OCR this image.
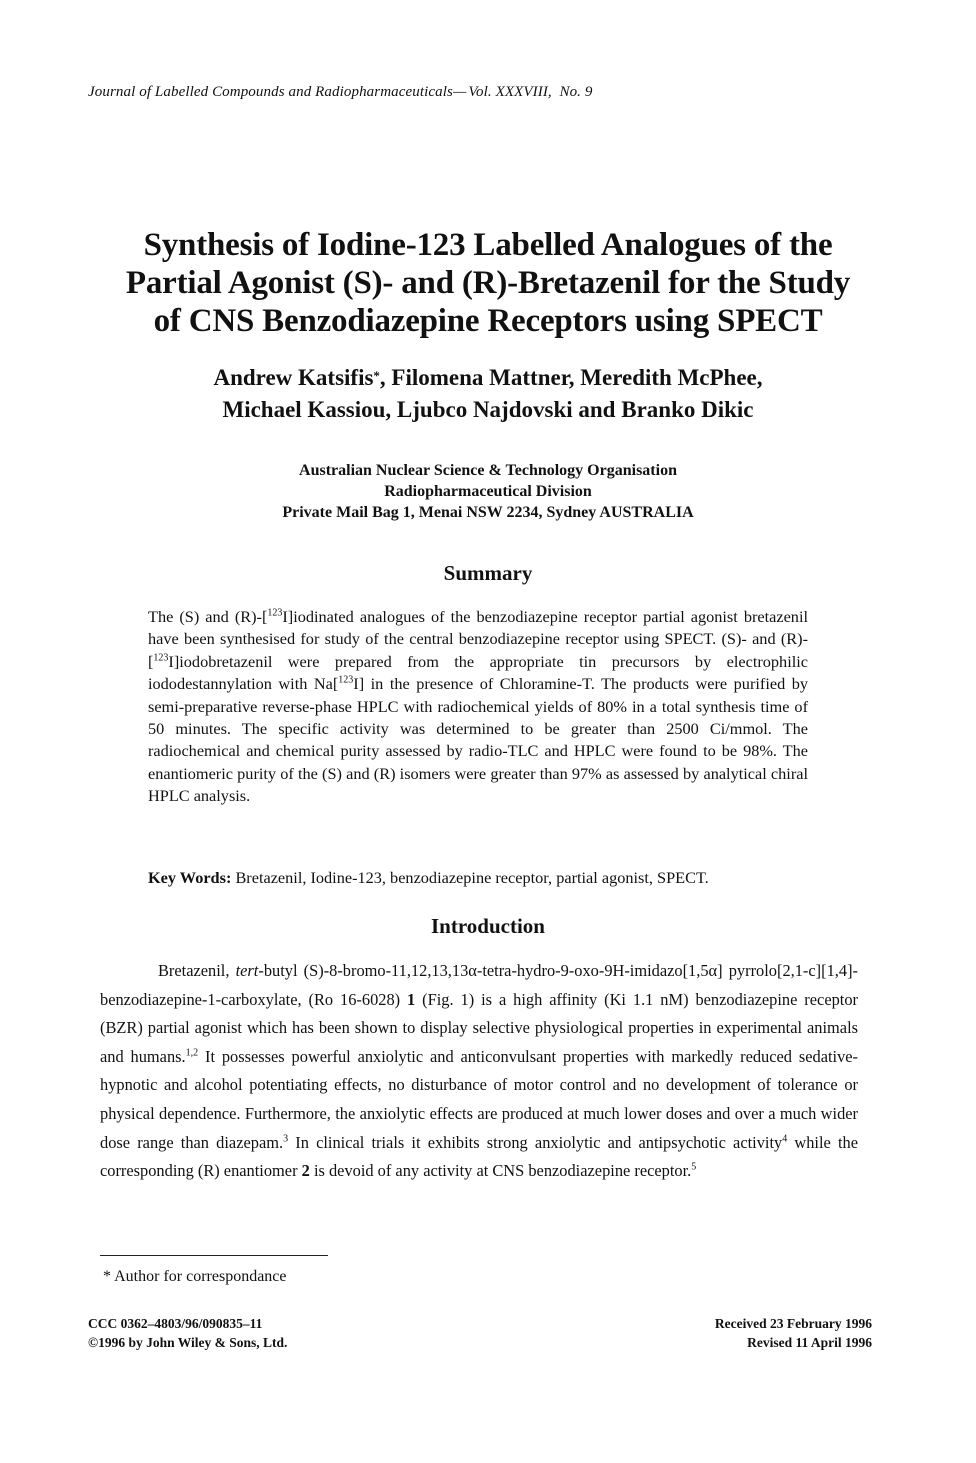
Journal of Labelled Compounds and Radiopharmaceuticals— Vol. XXXVIII, No. 9
Synthesis of Iodine-123 Labelled Analogues of the
Partial Agonist (S)- and (R)-Bretazenil for the Study
of CNS Benzodiazepine Receptors using SPECT
Andrew Katsifis*, Filomena Mattner, Meredith McPhee,
Michael Kassiou, Ljubco Najdovski and Branko Dikic
Australian Nuclear Science & Technology Organisation
Radiopharmaceutical Division
Private Mail Bag 1, Menai NSW 2234, Sydney AUSTRALIA
Summary
The (S) and (R)-[$^{123}$I]iodinated analogues of the benzodiazepine receptor partial agonist bretazenil have been synthesised for study of the central benzodiazepine receptor using SPECT. (S)- and (R)-[$^{123}$I]iodobretazenil were prepared from the appropriate tin precursors by electrophilic iododestannylation with Na[$^{123}$I] in the presence of Chloramine-T. The products were purified by semi-preparative reverse-phase HPLC with radiochemical yields of 80% in a total synthesis time of 50 minutes. The specific activity was determined to be greater than 2500 Ci/mmol. The radiochemical and chemical purity assessed by radio-TLC and HPLC were found to be 98%. The enantiomeric purity of the (S) and (R) isomers were greater than 97% as assessed by analytical chiral HPLC analysis.
Key Words: Bretazenil, Iodine-123, benzodiazepine receptor, partial agonist, SPECT.
Introduction
Bretazenil, tert-butyl (S)-8-bromo-11,12,13,13α-tetra-hydro-9-oxo-9H-imidazo[1,5α] pyrrolo[2,1-c][1,4]-benzodiazepine-1-carboxylate, (Ro 16-6028) 1 (Fig. 1) is a high affinity (Ki 1.1 nM) benzodiazepine receptor (BZR) partial agonist which has been shown to display selective physiological properties in experimental animals and humans.$^{1,2}$ It possesses powerful anxiolytic and anticonvulsant properties with markedly reduced sedative-hypnotic and alcohol potentiating effects, no disturbance of motor control and no development of tolerance or physical dependence. Furthermore, the anxiolytic effects are produced at much lower doses and over a much wider dose range than diazepam.$^3$ In clinical trials it exhibits strong anxiolytic and antipsychotic activity$^4$ while the corresponding (R) enantiomer 2 is devoid of any activity at CNS benzodiazepine receptor.$^5$
* Author for correspondance
CCC 0362–4803/96/090835–11
©1996 by John Wiley & Sons, Ltd.
Received 23 February 1996
Revised 11 April 1996
